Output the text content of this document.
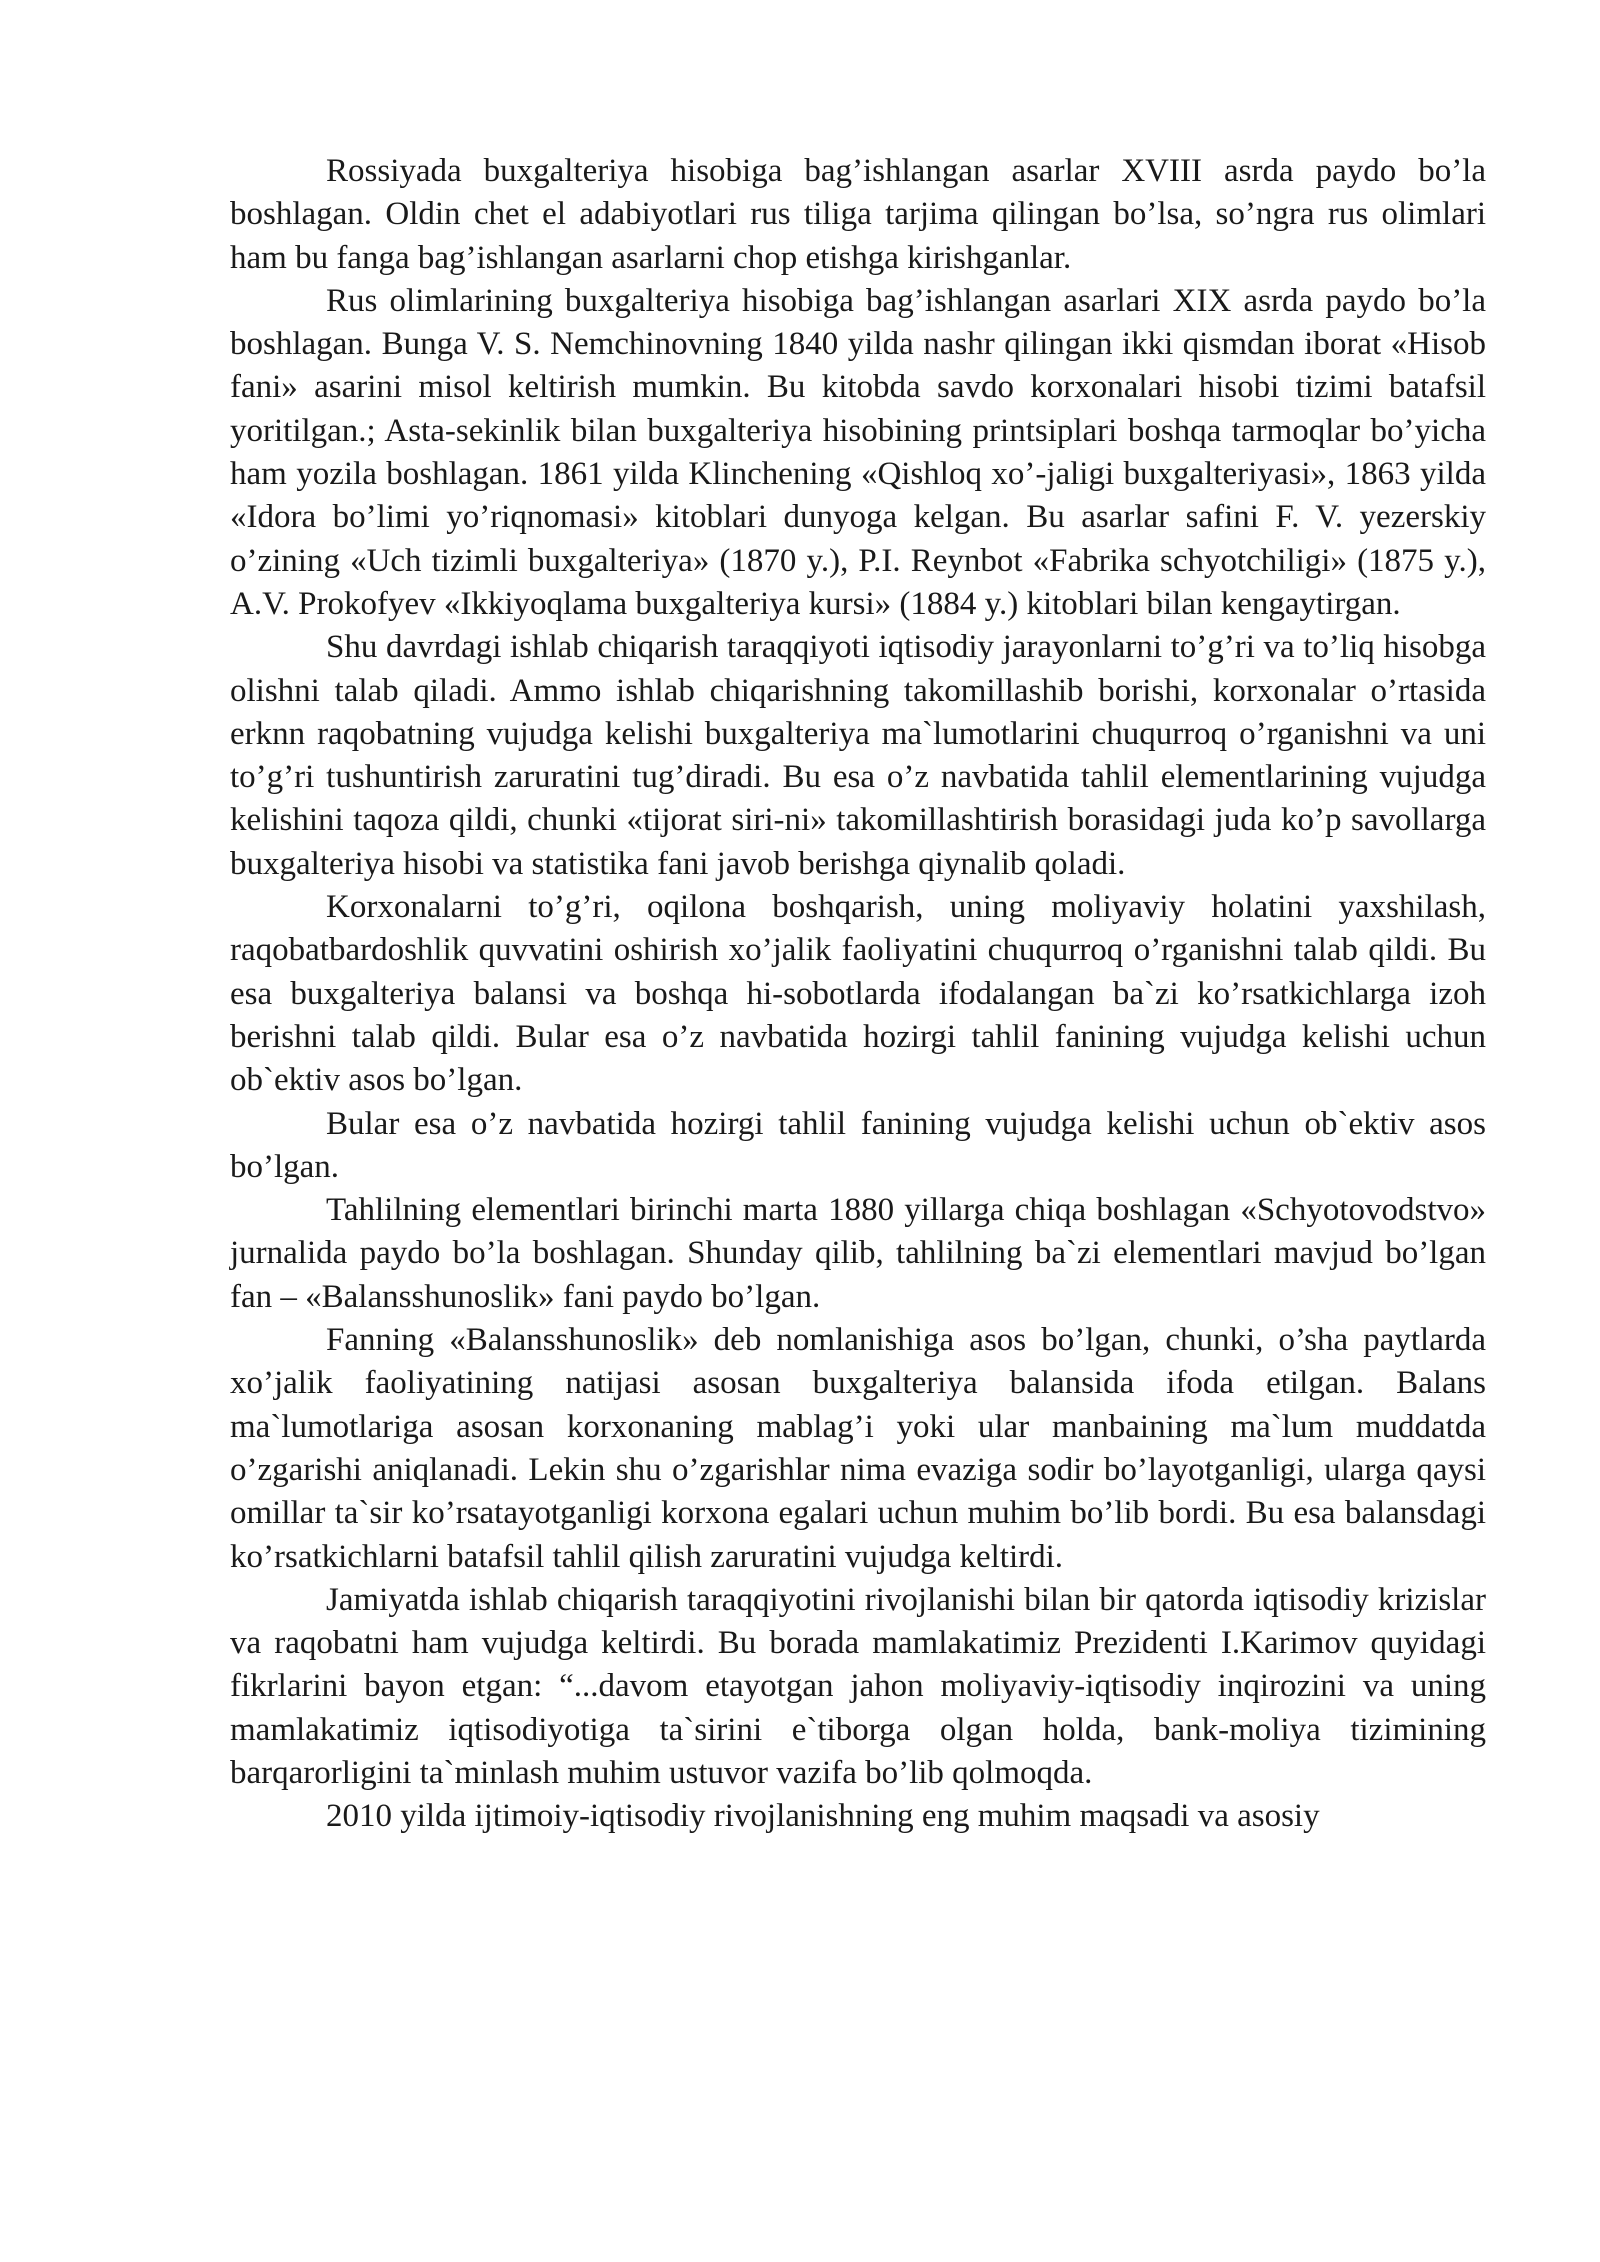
Rossiyada buxgalteriya hisobiga bag’ishlangan asarlar XVIII asrda paydo bo’la boshlagan. Oldin chet el adabiyotlari rus tiliga tarjima qilingan bo’lsa, so’ngra rus olimlari ham bu fanga bag’ishlangan asarlarni chop etishga kirishganlar.

Rus olimlarining buxgalteriya hisobiga bag’ishlangan asarlari XIX asrda paydo bo’la boshlagan. Bunga V. S. Nemchinovning 1840 yilda nashr qilingan ikki qismdan iborat «Hisob fani» asarini misol keltirish mumkin. Bu kitobda savdo korxonalari hisobi tizimi batafsil yoritilgan.; Asta-sekinlik bilan buxgalteriya hisobining printsiplari boshqa tarmoqlar bo’yicha ham yozila boshlagan. 1861 yilda Klinchening «Qishloq xo’-jaligi buxgalteriyasi», 1863 yilda «Idora bo’limi yo’riqnomasi» kitoblari dunyoga kelgan. Bu asarlar safini F. V. yezerskiy o’zining «Uch tizimli buxgalteriya» (1870 y.), P.I. Reynbot «Fabrika schyotchiligi» (1875 y.), A.V. Prokofyev «Ikkiyoqlama buxgalteriya kursi» (1884 y.) kitoblari bilan kengaytirgan.

Shu davrdagi ishlab chiqarish taraqqiyoti iqtisodiy jarayonlarni to’g’ri va to’liq hisobga olishni talab qiladi. Ammo ishlab chiqarishning takomillashib borishi, korxonalar o’rtasida erknn raqobatning vujudga kelishi buxgalteriya ma`lumotlarini chuqurroq o’rganishni va uni to’g’ri tushuntirish zaruratini tug’diradi. Bu esa o’z navbatida tahlil elementlarining vujudga kelishini taqoza qildi, chunki «tijorat siri-ni» takomillashtirish borasidagi juda ko’p savollarga buxgalteriya hisobi va statistika fani javob berishga qiynalib qoladi.

Korxonalarni to’g’ri, oqilona boshqarish, uning moliyaviy holatini yaxshilash, raqobatbardoshlik quvvatini oshirish xo’jalik faoliyatini chuqurroq o’rganishni talab qildi. Bu esa buxgalteriya balansi va boshqa hi-sobotlarda ifodalangan ba`zi ko’rsatkichlarga izoh berishni talab qildi. Bular esa o’z navbatida hozirgi tahlil fanining vujudga kelishi uchun ob`ektiv asos bo’lgan.

Bular esa o’z navbatida hozirgi tahlil fanining vujudga kelishi uchun ob`ektiv asos bo’lgan.

Tahlilning elementlari birinchi marta 1880 yillarga chiqa boshlagan «Schyotovodstvo» jurnalida paydo bo’la boshlagan. Shunday qilib, tahlilning ba`zi elementlari mavjud bo’lgan fan – «Balansshunoslik» fani paydo bo’lgan.

Fanning «Balansshunoslik» deb nomlanishiga asos bo’lgan, chunki, o’sha paytlarda xo’jalik faoliyatining natijasi asosan buxgalteriya balansida ifoda etilgan. Balans ma`lumotlariga asosan korxonaning mablag’i yoki ular manbaining ma`lum muddatda o’zgarishi aniqlanadi. Lekin shu o’zgarishlar nima evaziga sodir bo’layotganligi, ularga qaysi omillar ta`sir ko’rsatayotganligi korxona egalari uchun muhim bo’lib bordi. Bu esa balansdagi ko’rsatkichlarni batafsil tahlil qilish zaruratini vujudga keltirdi.

Jamiyatda ishlab chiqarish taraqqiyotini rivojlanishi bilan bir qatorda iqtisodiy krizislar va raqobatni ham vujudga keltirdi. Bu borada mamlakatimiz Prezidenti I.Karimov quyidagi fikrlarini bayon etgan: “...davom etayotgan jahon moliyaviy-iqtisodiy inqirozini va uning mamlakatimiz iqtisodiyotiga ta`sirini e`tiborga olgan holda, bank-moliya tizimining barqarorligini ta`minlash muhim ustuvor vazifa bo’lib qolmoqda.

2010 yilda ijtimoiy-iqtisodiy rivojlanishning eng muhim maqsadi va asosiy
